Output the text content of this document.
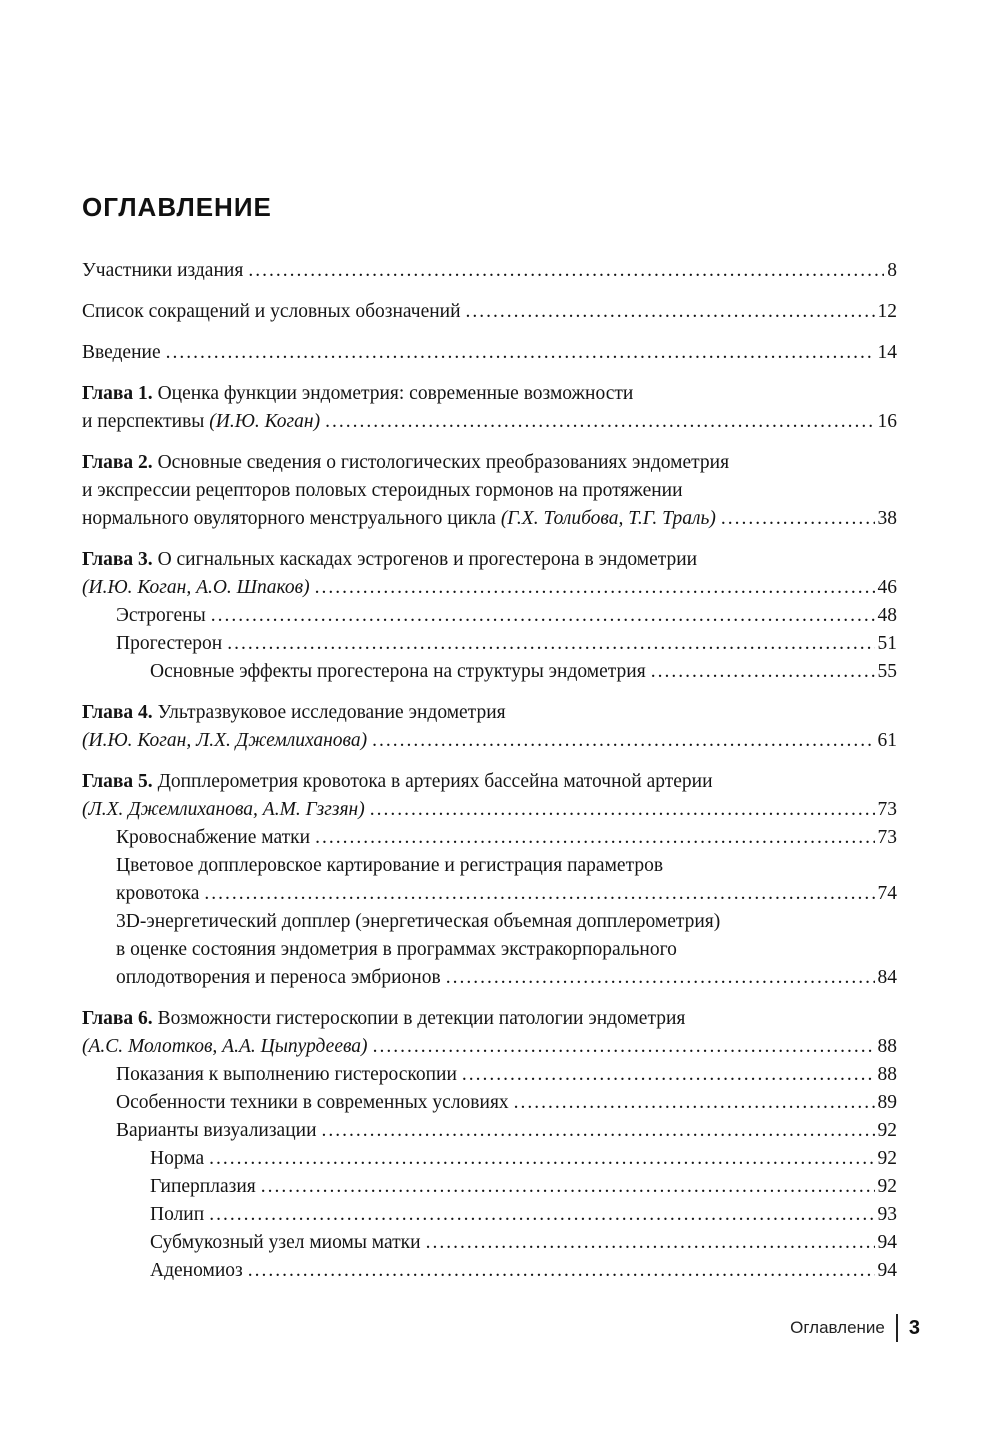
ОГЛАВЛЕНИЕ
Участники издания .....	8
Список сокращений и условных обозначений .....	12
Введение .....	14
Глава 1. Оценка функции эндометрия: современные возможности
и перспективы (И.Ю. Коган) .....	16
Глава 2. Основные сведения о гистологических преобразованиях эндометрия
и экспрессии рецепторов половых стероидных гормонов на протяжении
нормального овуляторного менструального цикла (Г.Х. Толибова, Т.Г. Траль) .....	38
Глава 3. О сигнальных каскадах эстрогенов и прогестерона в эндометрии
(И.Ю. Коган, А.О. Шпаков) .....	46
Эстрогены .....	48
Прогестерон .....	51
Основные эффекты прогестерона на структуры эндометрия .....	55
Глава 4. Ультразвуковое исследование эндометрия
(И.Ю. Коган, Л.Х. Джемлиханова) .....	61
Глава 5. Допплерометрия кровотока в артериях бассейна маточной артерии
(Л.Х. Джемлиханова, А.М. Гзгзян) .....	73
Кровоснабжение матки .....	73
Цветовое допплеровское картирование и регистрация параметров
кровотока .....	74
3D-энергетический допплер (энергетическая объемная допплерометрия)
в оценке состояния эндометрия в программах экстракорпорального
оплодотворения и переноса эмбрионов .....	84
Глава 6. Возможности гистероскопии в детекции патологии эндометрия
(А.С. Молотков, А.А. Цыпурдеева) .....	88
Показания к выполнению гистероскопии .....	88
Особенности техники в современных условиях .....	89
Варианты визуализации .....	92
Норма .....	92
Гиперплазия .....	92
Полип .....	93
Субмукозный узел миомы матки .....	94
Аденомиоз .....	94
Оглавление 3
